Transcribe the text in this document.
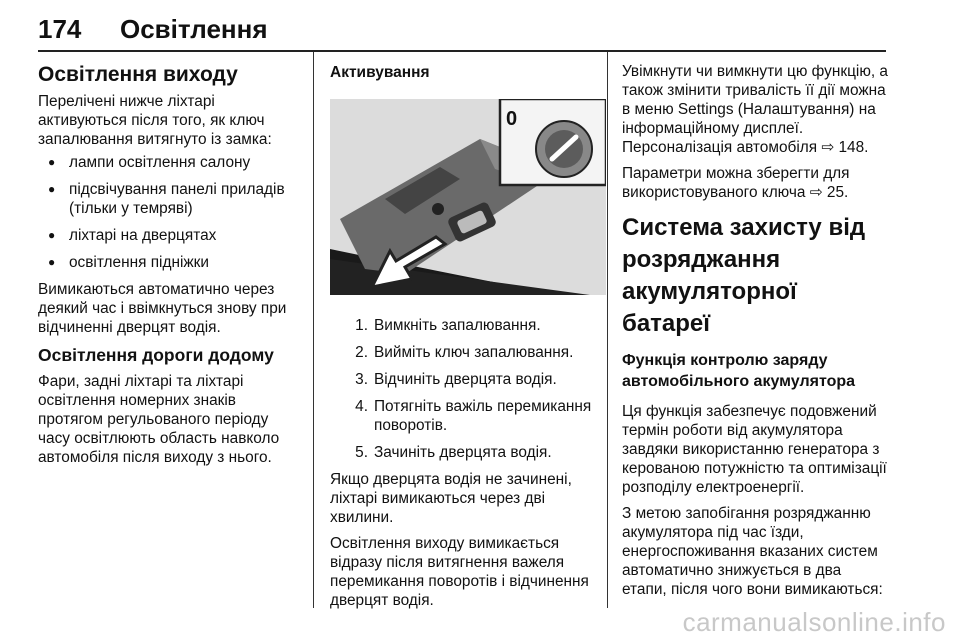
174 Освітлення
Освітлення виходу

Перелічені нижче ліхтарі активуються після того, як ключ запалювання витягнуто із замка:

● лампи освітлення салону
● підсвічування панелі приладів (тільки у темряві)
● ліхтарі на дверцятах
● освітлення підніжки

Вимикаються автоматично через деякий час і ввімкнуться знову при відчиненні дверцят водія.

Освітлення дороги додому

Фари, задні ліхтарі та ліхтарі освітлення номерних знаків протягом регульованого періоду часу освітлюють область навколо автомобіля після виходу з нього.

Активування
0
1. Вимкніть запалювання.
2. Вийміть ключ запалювання.
3. Відчиніть дверцята водія.
4. Потягніть важіль перемикання поворотів.
5. Зачиніть дверцята водія.

Якщо дверцята водія не зачинені, ліхтарі вимикаються через дві хвилини.

Освітлення виходу вимикається відразу після витягнення важеля перемикання поворотів і відчинення дверцят водія.

Увімкнути чи вимкнути цю функцію, а також змінити тривалість її дії можна в меню Settings (Налаштування) на інформаційному дисплеї. Персоналізація автомобіля ⇨ 148.

Параметри можна зберегти для використовуваного ключа ⇨ 25.

Система захисту від розряджання акумуляторної батареї
Функція контролю заряду автомобільного акумулятора

Ця функція забезпечує подовжений термін роботи від акумулятора завдяки використанню генератора з керованою потужністю та оптимізації розподілу електроенергії.

З метою запобігання розряджанню акумулятора під час їзди, енергоспоживання вказаних систем автоматично знижується в два етапи, після чого вони вимикаються:

carmanualsonline.info
